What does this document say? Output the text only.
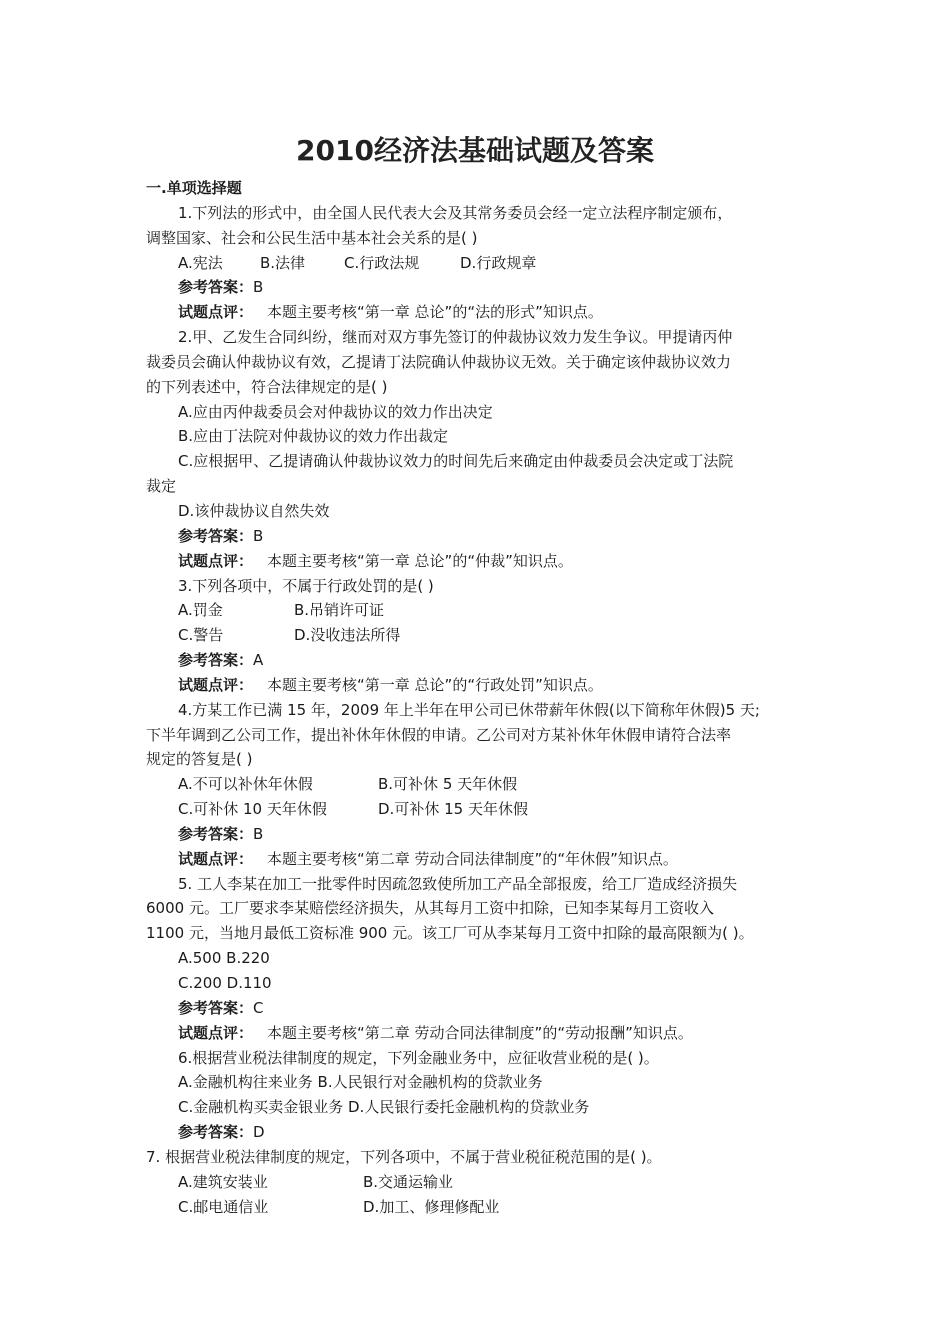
2010经济法基础试题及答案
一.单项选择题
1.下列法的形式中，由全国人民代表大会及其常务委员会经一定立法程序制定颁布，
调整国家、社会和公民生活中基本社会关系的是( )
A.宪法 B.法律	C.行政法规	D.行政规章
参考答案：B
试题点评： 本题主要考核“第一章 总论”的“法的形式”知识点。
2.甲、乙发生合同纠纷，继而对双方事先签订的仲裁协议效力发生争议。甲提请丙仲
裁委员会确认仲裁协议有效，乙提请丁法院确认仲裁协议无效。关于确定该仲裁协议效力
的下列表述中，符合法律规定的是( )
A.应由丙仲裁委员会对仲裁协议的效力作出决定
B.应由丁法院对仲裁协议的效力作出裁定
C.应根据甲、乙提请确认仲裁协议效力的时间先后来确定由仲裁委员会决定或丁法院
裁定
D.该仲裁协议自然失效
参考答案：B
试题点评： 本题主要考核“第一章 总论”的“仲裁”知识点。
3.下列各项中，不属于行政处罚的是( )
A.罚金	B.吊销许可证
C.警告	D.没收违法所得
参考答案：A
试题点评： 本题主要考核“第一章 总论”的“行政处罚”知识点。
4.方某工作已满 15 年，2009 年上半年在甲公司已休带薪年休假(以下简称年休假)5 天;
下半年调到乙公司工作，提出补休年休假的申请。乙公司对方某补休年休假申请符合法率
规定的答复是( )
A.不可以补休年休假	B.可补休 5 天年休假
C.可补休 10 天年休假	D.可补休 15 天年休假
参考答案：B
试题点评： 本题主要考核“第二章 劳动合同法律制度”的“年休假”知识点。
5. 工人李某在加工一批零件时因疏忽致使所加工产品全部报废，给工厂造成经济损失
6000 元。工厂要求李某赔偿经济损失，从其每月工资中扣除，已知李某每月工资收入
1100 元，当地月最低工资标准 900 元。该工厂可从李某每月工资中扣除的最高限额为( )。
A.500 B.220
C.200 D.110
参考答案：C
试题点评： 本题主要考核“第二章 劳动合同法律制度”的“劳动报酬”知识点。
6.根据营业税法律制度的规定，下列金融业务中，应征收营业税的是( )。
A.金融机构往来业务 B.人民银行对金融机构的贷款业务
C.金融机构买卖金银业务 D.人民银行委托金融机构的贷款业务
参考答案：D
7. 根据营业税法律制度的规定，下列各项中，不属于营业税征税范围的是( )。
A.建筑安装业	B.交通运输业
C.邮电通信业	D.加工、修理修配业
